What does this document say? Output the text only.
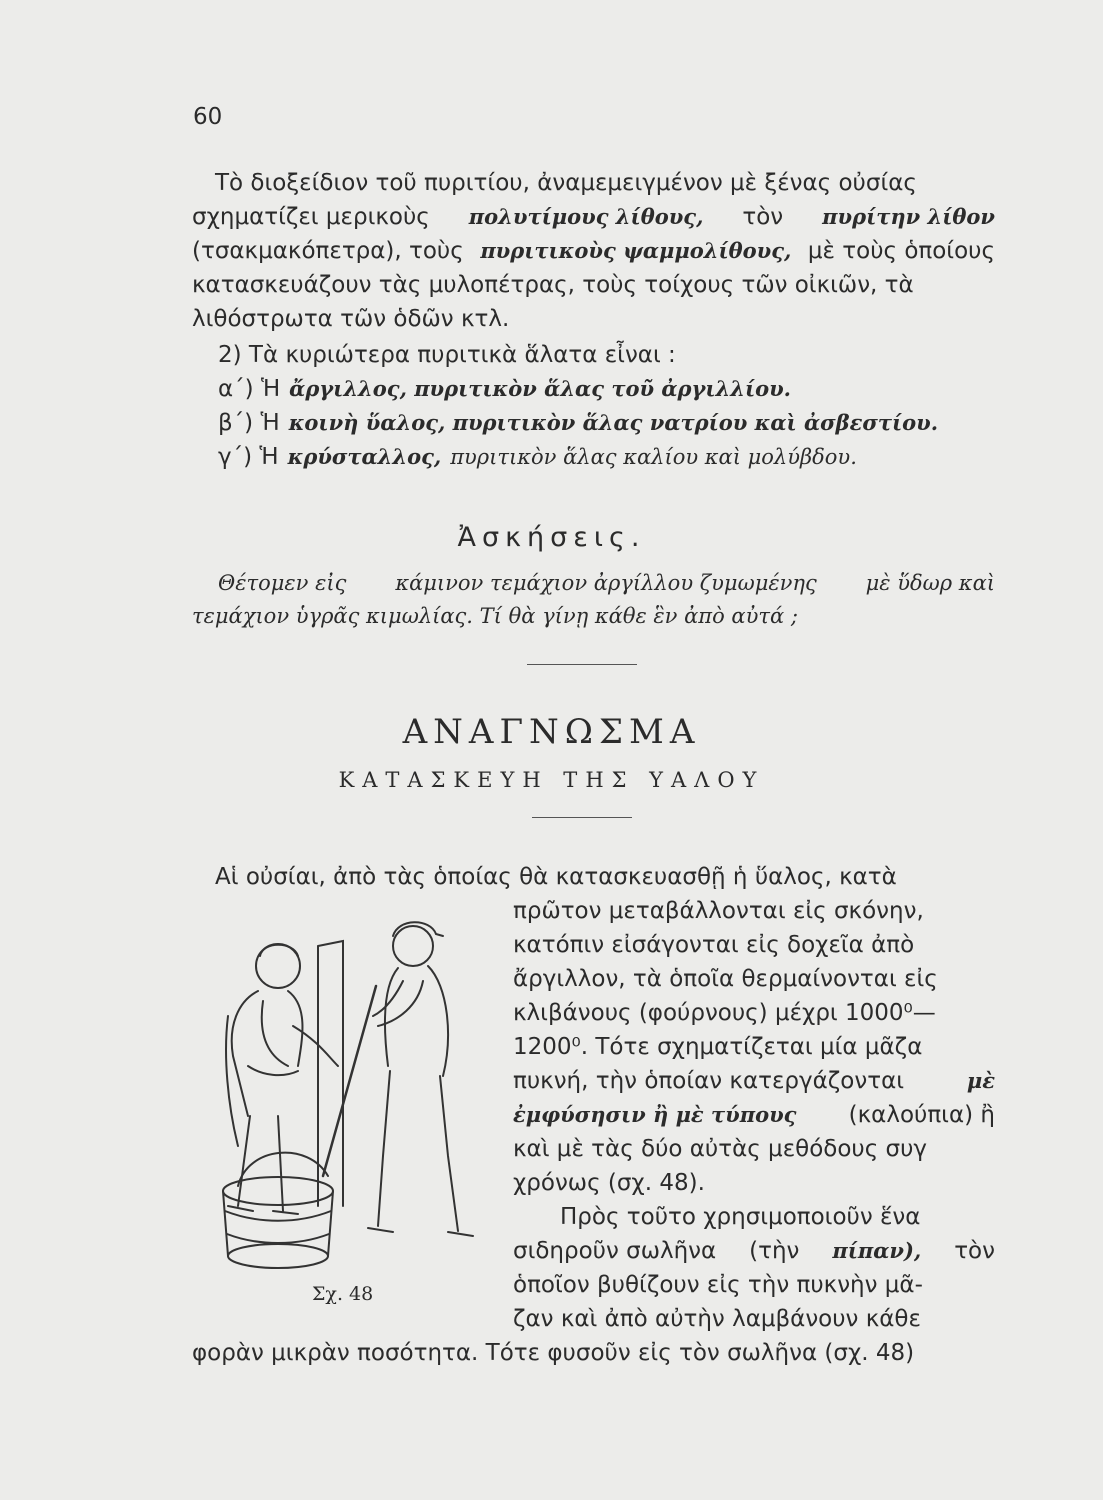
60
Τὸ διοξείδιον τοῦ πυριτίου, ἀναμεμειγμένον μὲ ξένας οὐσίας
σχηματίζει μερικοὺς πολυτίμους λίθους, τὸν πυρίτην λίθον
(τσακμακόπετρα), τοὺς πυριτικοὺς ψαμμολίθους, μὲ τοὺς ὁποίους
κατασκευάζουν τὰς μυλοπέτρας, τοὺς τοίχους τῶν οἰκιῶν, τὰ
λιθόστρωτα τῶν ὁδῶν κτλ.
2) Τὰ κυριώτερα πυριτικὰ ἅλατα εἶναι :
α΄) Ἡ ἄργιλλος, πυριτικὸν ἅλας τοῦ ἀργιλλίου.
β΄) Ἡ κοινὴ ὕαλος, πυριτικὸν ἅλας νατρίου καὶ ἀσβεστίου.
γ΄) Ἡ κρύσταλλος, πυριτικὸν ἅλας καλίου καὶ μολύβδου.
Ἀσκήσεις.
Θέτομεν εἰς κάμινον τεμάχιον ἀργίλλου ζυμωμένης μὲ ὕδωρ καὶ
τεμάχιον ὑγρᾶς κιμωλίας. Τί θὰ γίνῃ κάθε ἓν ἀπὸ αὐτά ;
ΑΝΑΓΝΩΣΜΑ
ΚΑΤΑΣΚΕΥΗ ΤΗΣ ΥΑΛΟΥ
Αἱ οὐσίαι, ἀπὸ τὰς ὁποίας θὰ κατασκευασθῇ ἡ ὕαλος, κατὰ
πρῶτον μεταβάλλονται εἰς σκόνην,
κατόπιν εἰσάγονται εἰς δοχεῖα ἀπὸ
ἄργιλλον, τὰ ὁποῖα θερμαίνονται εἰς
κλιβάνους (φούρνους) μέχρι 1000⁰—
1200⁰. Τότε σχηματίζεται μία μᾶζα
πυκνή, τὴν ὁποίαν κατεργάζονται	μὲ
ἐμφύσησιν ἢ μὲ τύπους (καλούπια) ἢ
καὶ μὲ τὰς δύο αὐτὰς μεθόδους συγ
χρόνως (σχ. 48).
Πρὸς τοῦτο χρησιμοποιοῦν ἕνα
σιδηροῦν σωλῆνα (τὴν πίπαν), τὸν
ὁποῖον βυθίζουν εἰς τὴν πυκνὴν μᾶ-
ζαν καὶ ἀπὸ αὐτὴν λαμβάνουν κάθε
φορὰν μικρὰν ποσότητα. Τότε φυσοῦν εἰς τὸν σωλῆνα (σχ. 48)
Σχ. 48
